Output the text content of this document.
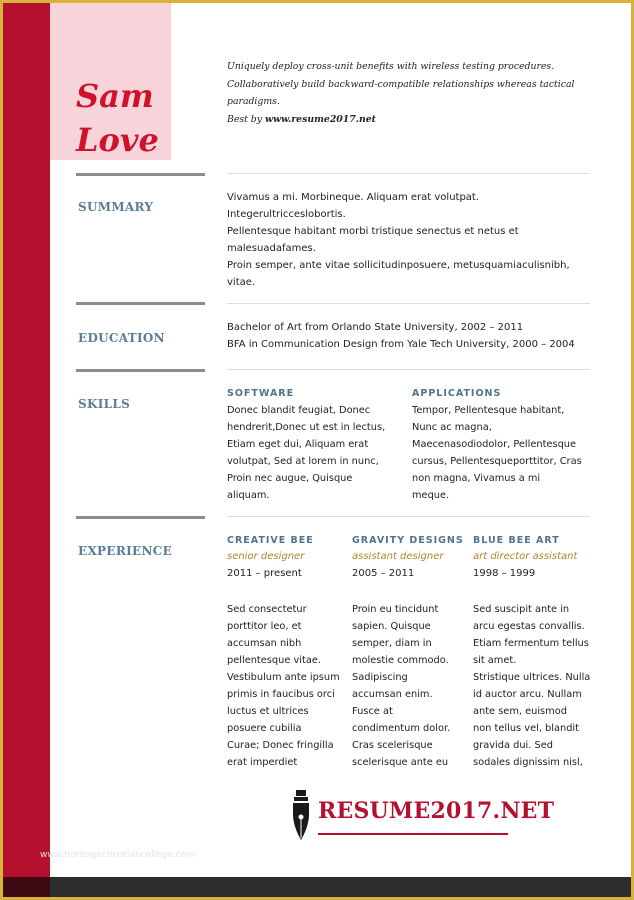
Sam
Love
Uniquely deploy cross-unit benefits with wireless testing procedures.
Collaboratively build backward-compatible relationships whereas tactical
paradigms.
Best by www.resume2017.net
SUMMARY
Vivamus a mi. Morbineque. Aliquam erat volutpat.
Integerultricceslobortis.
Pellentesque habitant morbi tristique senectus et netus et
malesuadafames.
Proin semper, ante vitae sollicitudinposuere, metusquamiaculisnibh,
vitae.
EDUCATION
Bachelor of Art from Orlando State University, 2002 – 2011
BFA in Communication Design from Yale Tech University, 2000 – 2004
SKILLS
SOFTWARE
Donec blandit feugiat, Donec
hendrerit,Donec ut est in lectus,
Etiam eget dui, Aliquam erat
volutpat, Sed at lorem in nunc,
Proin nec augue, Quisque
aliquam.
APPLICATIONS
Tempor, Pellentesque habitant,
Nunc ac magna,
Maecenasodiodolor, Pellentesque
cursus, Pellentesqueporttitor, Cras
non magna, Vivamus a mi
meque.
EXPERIENCE
CREATIVE BEE
senior designer
2011 – present
Sed consectetur
porttitor leo, et
accumsan nibh
pellentesque vitae.
Vestibulum ante ipsum
primis in faucibus orci
luctus et ultrices
posuere cubilia
Curae; Donec fringilla
erat imperdiet
GRAVITY DESIGNS
assistant designer
2005 – 2011
Proin eu tincidunt
sapien. Quisque
semper, diam in
molestie commodo.
Sadipiscing
accumsan enim.
Fusce at
condimentum dolor.
Cras scelerisque
scelerisque ante eu
BLUE BEE ART
art director assistant
1998 – 1999
Sed suscipit ante in
arcu egestas convallis.
Etiam fermentum tellus
sit amet.
Stristique ultrices. Nulla
id auctor arcu. Nullam
ante sem, euismod
non tellus vel, blandit
gravida dui. Sed
sodales dignissim nisl,
RESUME2017.NET
www.heritagechristiancollege.com
